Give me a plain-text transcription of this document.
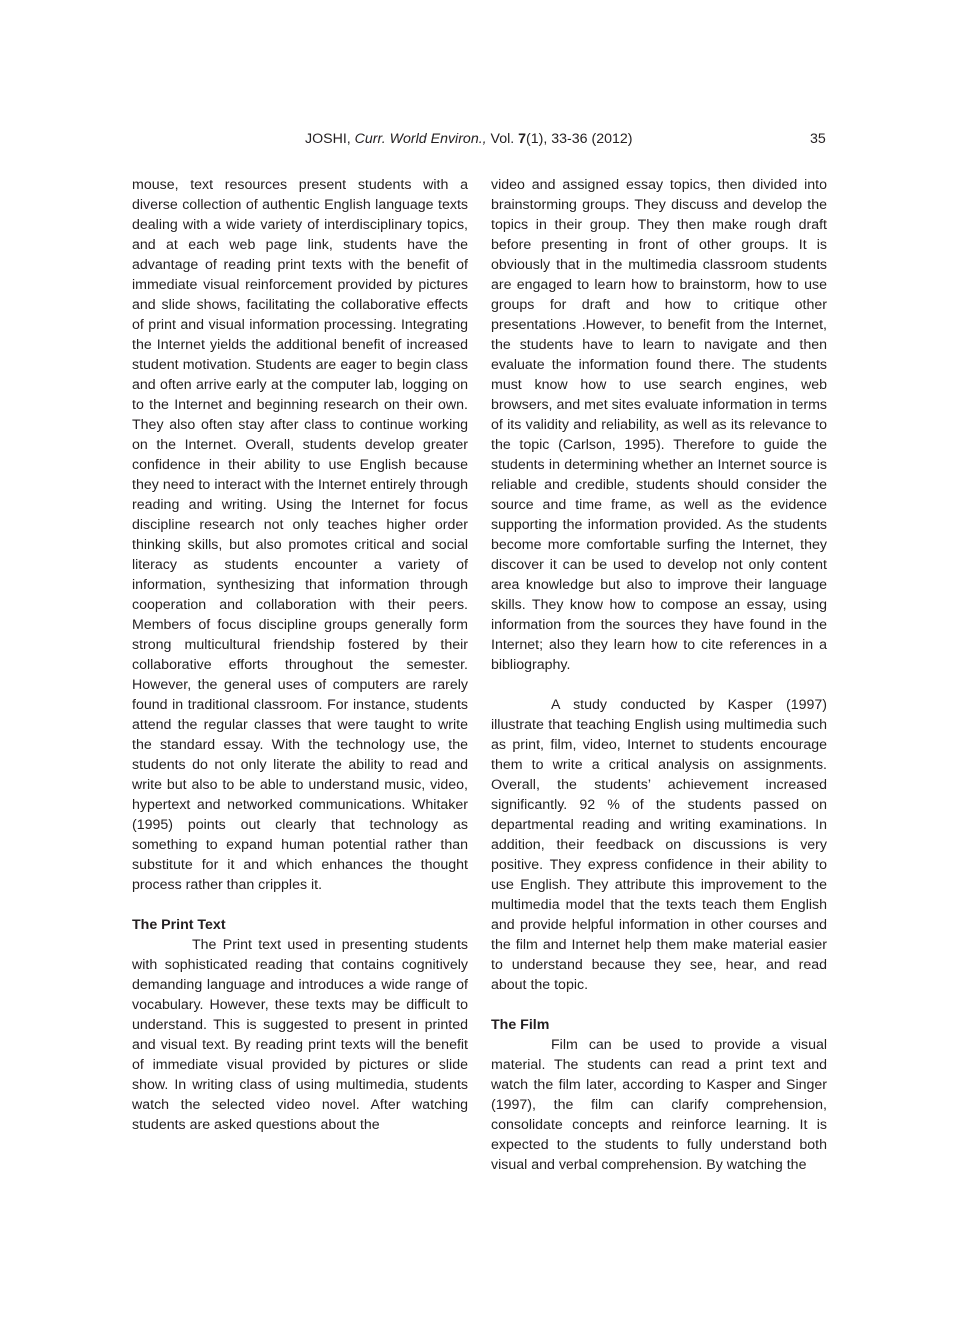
JOSHI, Curr. World Environ., Vol. 7(1), 33-36 (2012)	35

mouse, text resources present students with a diverse collection of authentic English language texts dealing with a wide variety of interdisciplinary topics, and at each web page link, students have the advantage of reading print texts with the benefit of immediate visual reinforcement provided by pictures and slide shows, facilitating the collaborative effects of print and visual information processing. Integrating the Internet yields the additional benefit of increased student motivation. Students are eager to begin class and often arrive early at the computer lab, logging on to the Internet and beginning research on their own. They also often stay after class to continue working on the Internet. Overall, students develop greater confidence in their ability to use English because they need to interact with the Internet entirely through reading and writing. Using the Internet for focus discipline research not only teaches higher order thinking skills, but also promotes critical and social literacy as students encounter a variety of information, synthesizing that information through cooperation and collaboration with their peers. Members of focus discipline groups generally form strong multicultural friendship fostered by their collaborative efforts throughout the semester. However, the general uses of computers are rarely found in traditional classroom. For instance, students attend the regular classes that were taught to write the standard essay. With the technology use, the students do not only literate the ability to read and write but also to be able to understand music, video, hypertext and networked communications. Whitaker (1995) points out clearly that technology as something to expand human potential rather than substitute for it and which enhances the thought process rather than cripples it.

The Print Text

The Print text used in presenting students with sophisticated reading that contains cognitively demanding language and introduces a wide range of vocabulary. However, these texts may be difficult to understand. This is suggested to present in printed and visual text. By reading print texts will the benefit of immediate visual provided by pictures or slide show. In writing class of using multimedia, students watch the selected video novel. After watching students are asked questions about the

video and assigned essay topics, then divided into brainstorming groups. They discuss and develop the topics in their group. They then make rough draft before presenting in front of other groups. It is obviously that in the multimedia classroom students are engaged to learn how to brainstorm, how to use groups for draft and how to critique other presentations .However, to benefit from the Internet, the students have to learn to navigate and then evaluate the information found there. The students must know how to use search engines, web browsers, and met sites evaluate information in terms of its validity and reliability, as well as its relevance to the topic (Carlson, 1995). Therefore to guide the students in determining whether an Internet source is reliable and credible, students should consider the source and time frame, as well as the evidence supporting the information provided. As the students become more comfortable surfing the Internet, they discover it can be used to develop not only content area knowledge but also to improve their language skills. They know how to compose an essay, using information from the sources they have found in the Internet; also they learn how to cite references in a bibliography.

A study conducted by Kasper (1997) illustrate that teaching English using multimedia such as print, film, video, Internet to students encourage them to write a critical analysis on assignments. Overall, the students’ achievement increased significantly. 92 % of the students passed on departmental reading and writing examinations. In addition, their feedback on discussions is very positive. They express confidence in their ability to use English. They attribute this improvement to the multimedia model that the texts teach them English and provide helpful information in other courses and the film and Internet help them make material easier to understand because they see, hear, and read about the topic.

The Film

Film can be used to provide a visual material. The students can read a print text and watch the film later, according to Kasper and Singer (1997), the film can clarify comprehension, consolidate concepts and reinforce learning. It is expected to the students to fully understand both visual and verbal comprehension. By watching the
